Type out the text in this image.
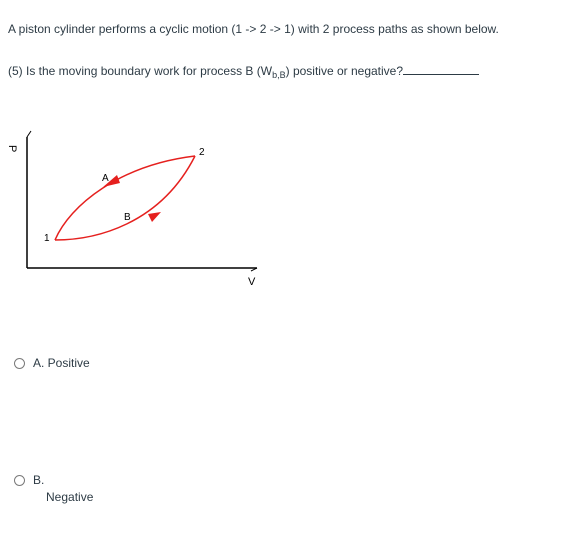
A piston cylinder performs a cyclic motion (1 -> 2 -> 1) with 2 process paths as shown below.
(5) Is the moving boundary work for process B $(W_{b,B})$ positive or negative?
P
V
1
2
A
B
A. Positive
B.
Negative
